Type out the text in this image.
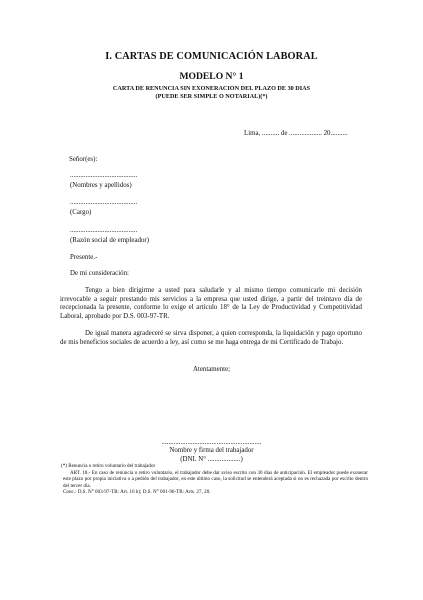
I. CARTAS DE COMUNICACIÓN LABORAL
MODELO N° 1
CARTA DE RENUNCIA SIN EXONERACION DEL PLAZO DE 30 DIAS
(PUEDE SER SIMPLE O NOTARIAL)(*)
Lima, .......... de ................... 20..........
Señor(es):
.......................................
(Nombres y apellidos)
.......................................
(Cargo)
.......................................
(Razón social de empleador)
Presente.-
De mi consideración:
Tengo a bien dirigirme a usted para saludarle y al mismo tiempo comunicarle mi decisión irrevocable a seguir prestando mis servicios a la empresa que usted dirige, a partir del treintavo día de recepcionada la presente, conforme lo exige el artículo 18° de la Ley de Productividad y Competitividad Laboral, aprobado por D.S. 003-97-TR.
De igual manera agradeceré se sirva disponer, a quien corresponda, la liquidación y pago oportuno de mis beneficios sociales de acuerdo a ley, así como se me haga entrega de mi Certificado de Trabajo.
Atentamente;
..........................................................
Nombre y firma del trabajador
(DNI. N° ...................)
(*) Renuncia o retiro voluntario del trabajador
ART. 18.- En caso de renuncia o retiro voluntario, el trabajador debe dar aviso escrito con 30 días de anticipación. El empleador puede exonerar este plazo por propia iniciativa o a pedido del trabajador, en este último caso, la solicitud se entenderá aceptada si no es rechazada por escrito dentro del tercer día.
Conc.: D.S. N° 003-97-TR: Art. 16 b); D.S. N° 001-96-TR: Arts. 27, 28.
